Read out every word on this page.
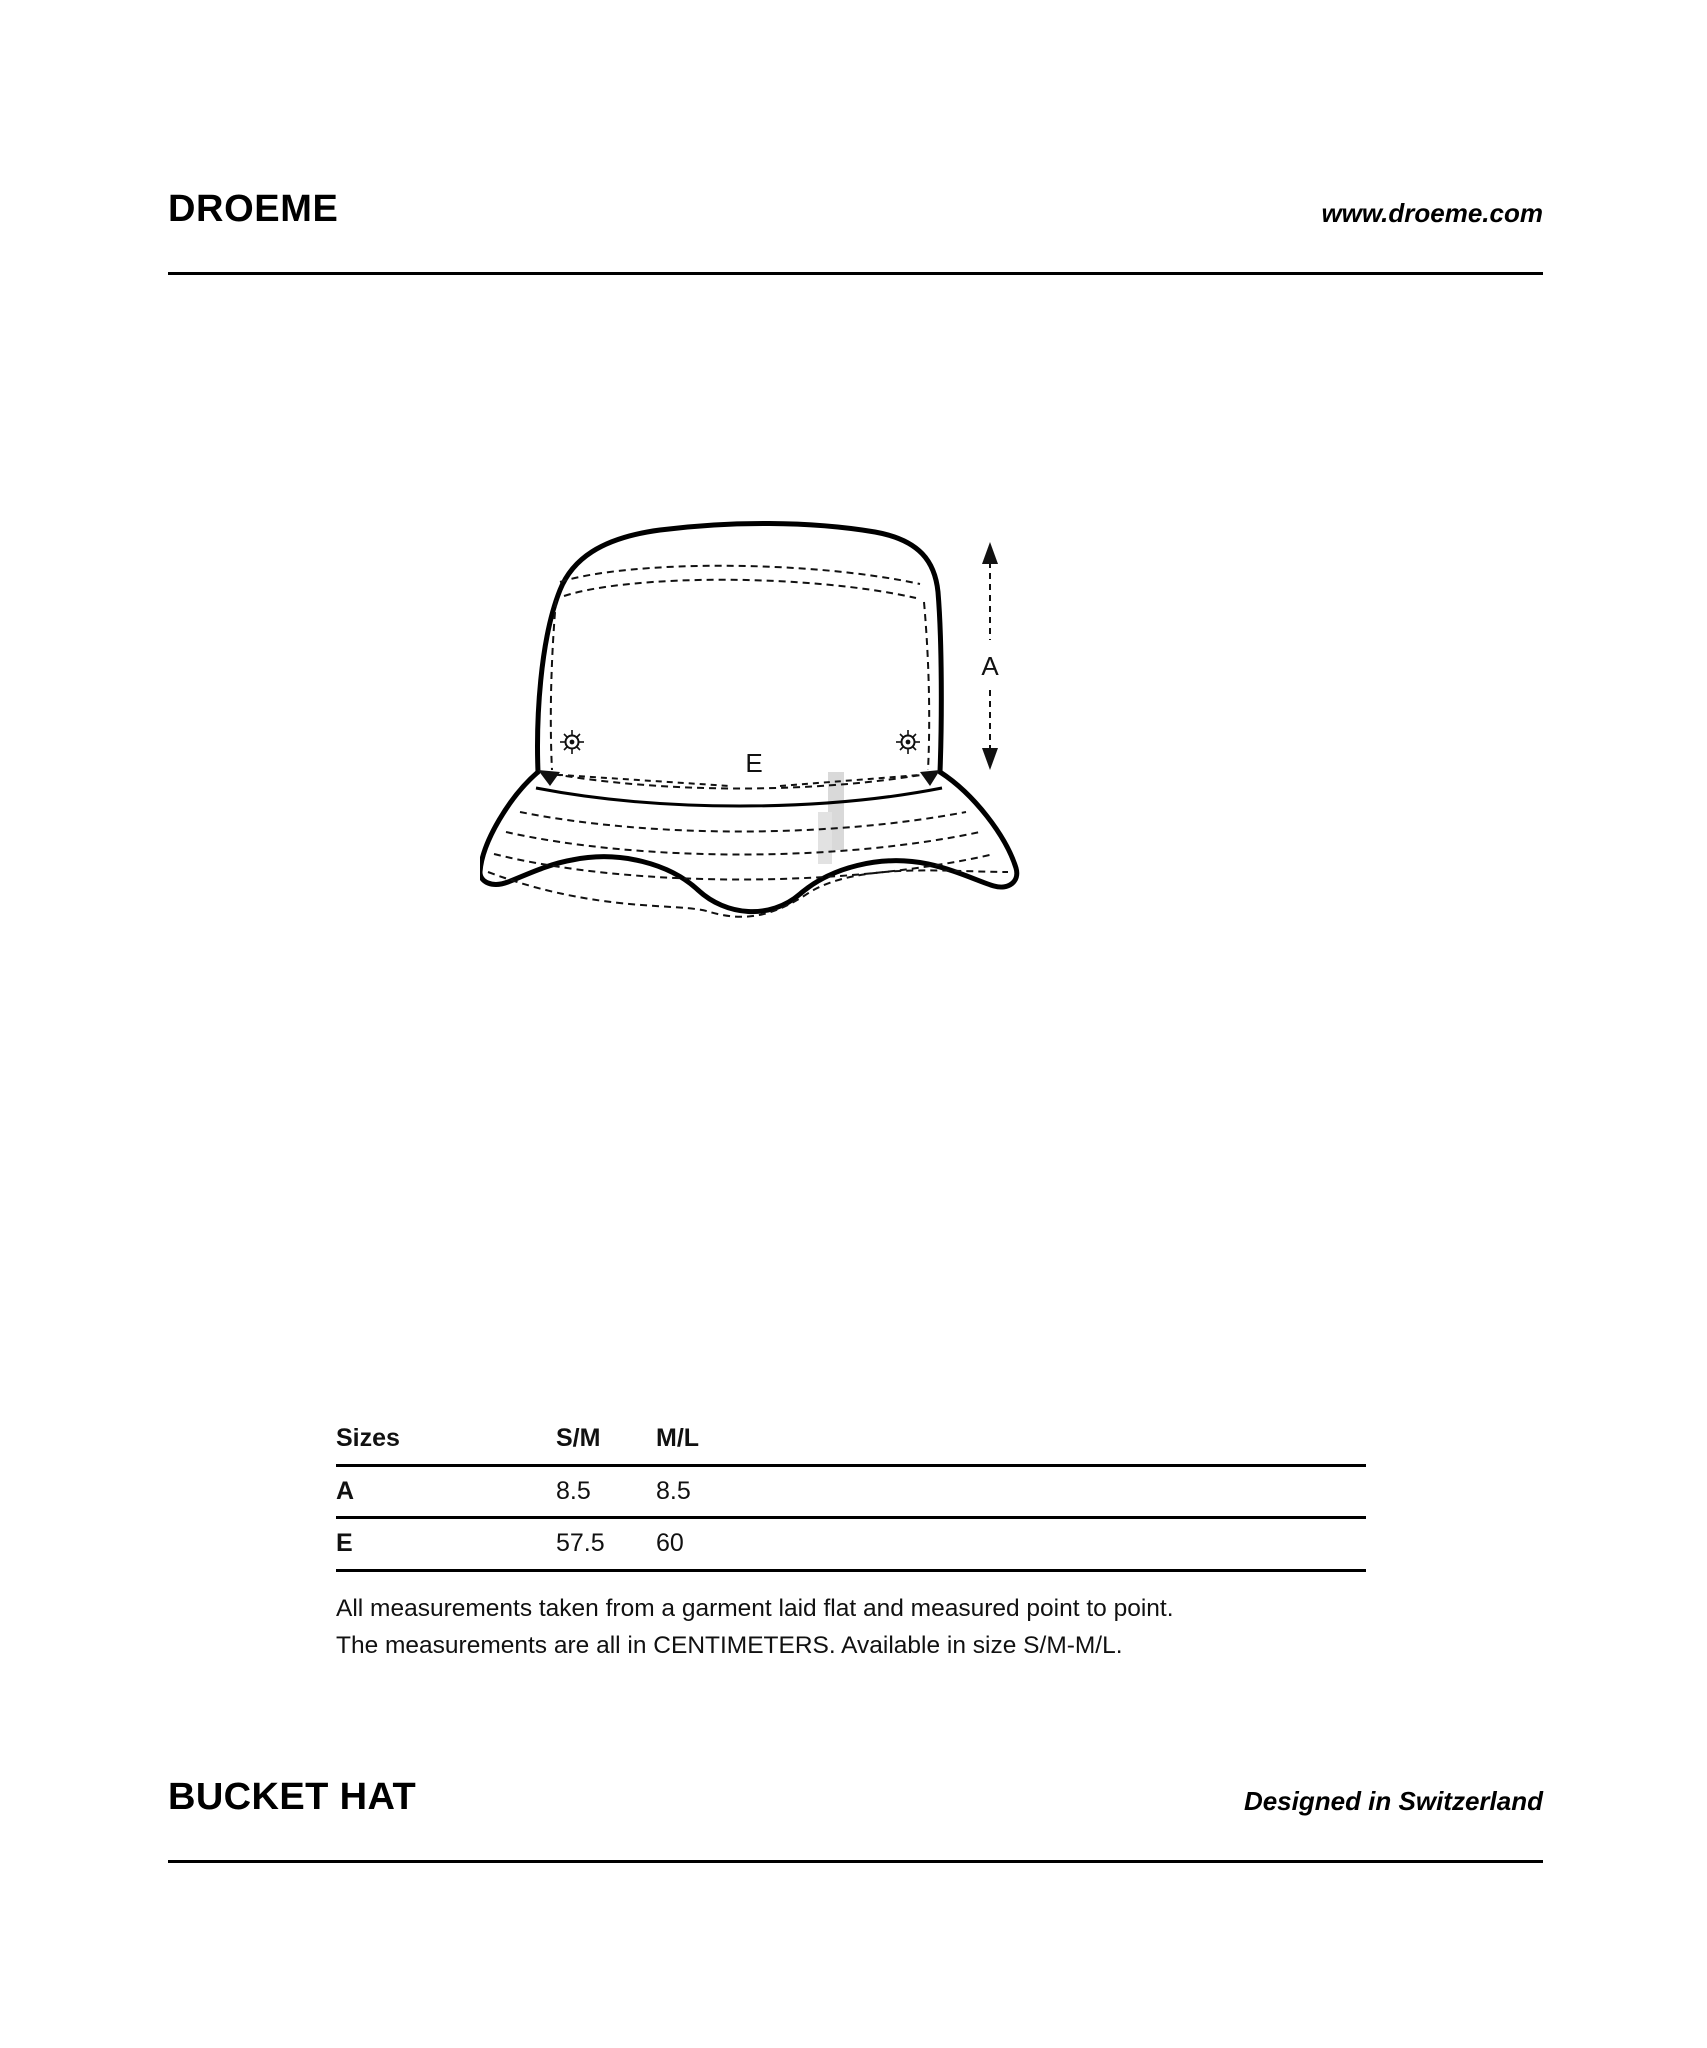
DROEME	www.droeme.com
E
A
Sizes	S/M	M/L
A	8.5	8.5
E	57.5	60
All measurements taken from a garment laid flat and measured point to point.
The measurements are all in CENTIMETERS. Available in size S/M-M/L.
BUCKET HAT	Designed in Switzerland
